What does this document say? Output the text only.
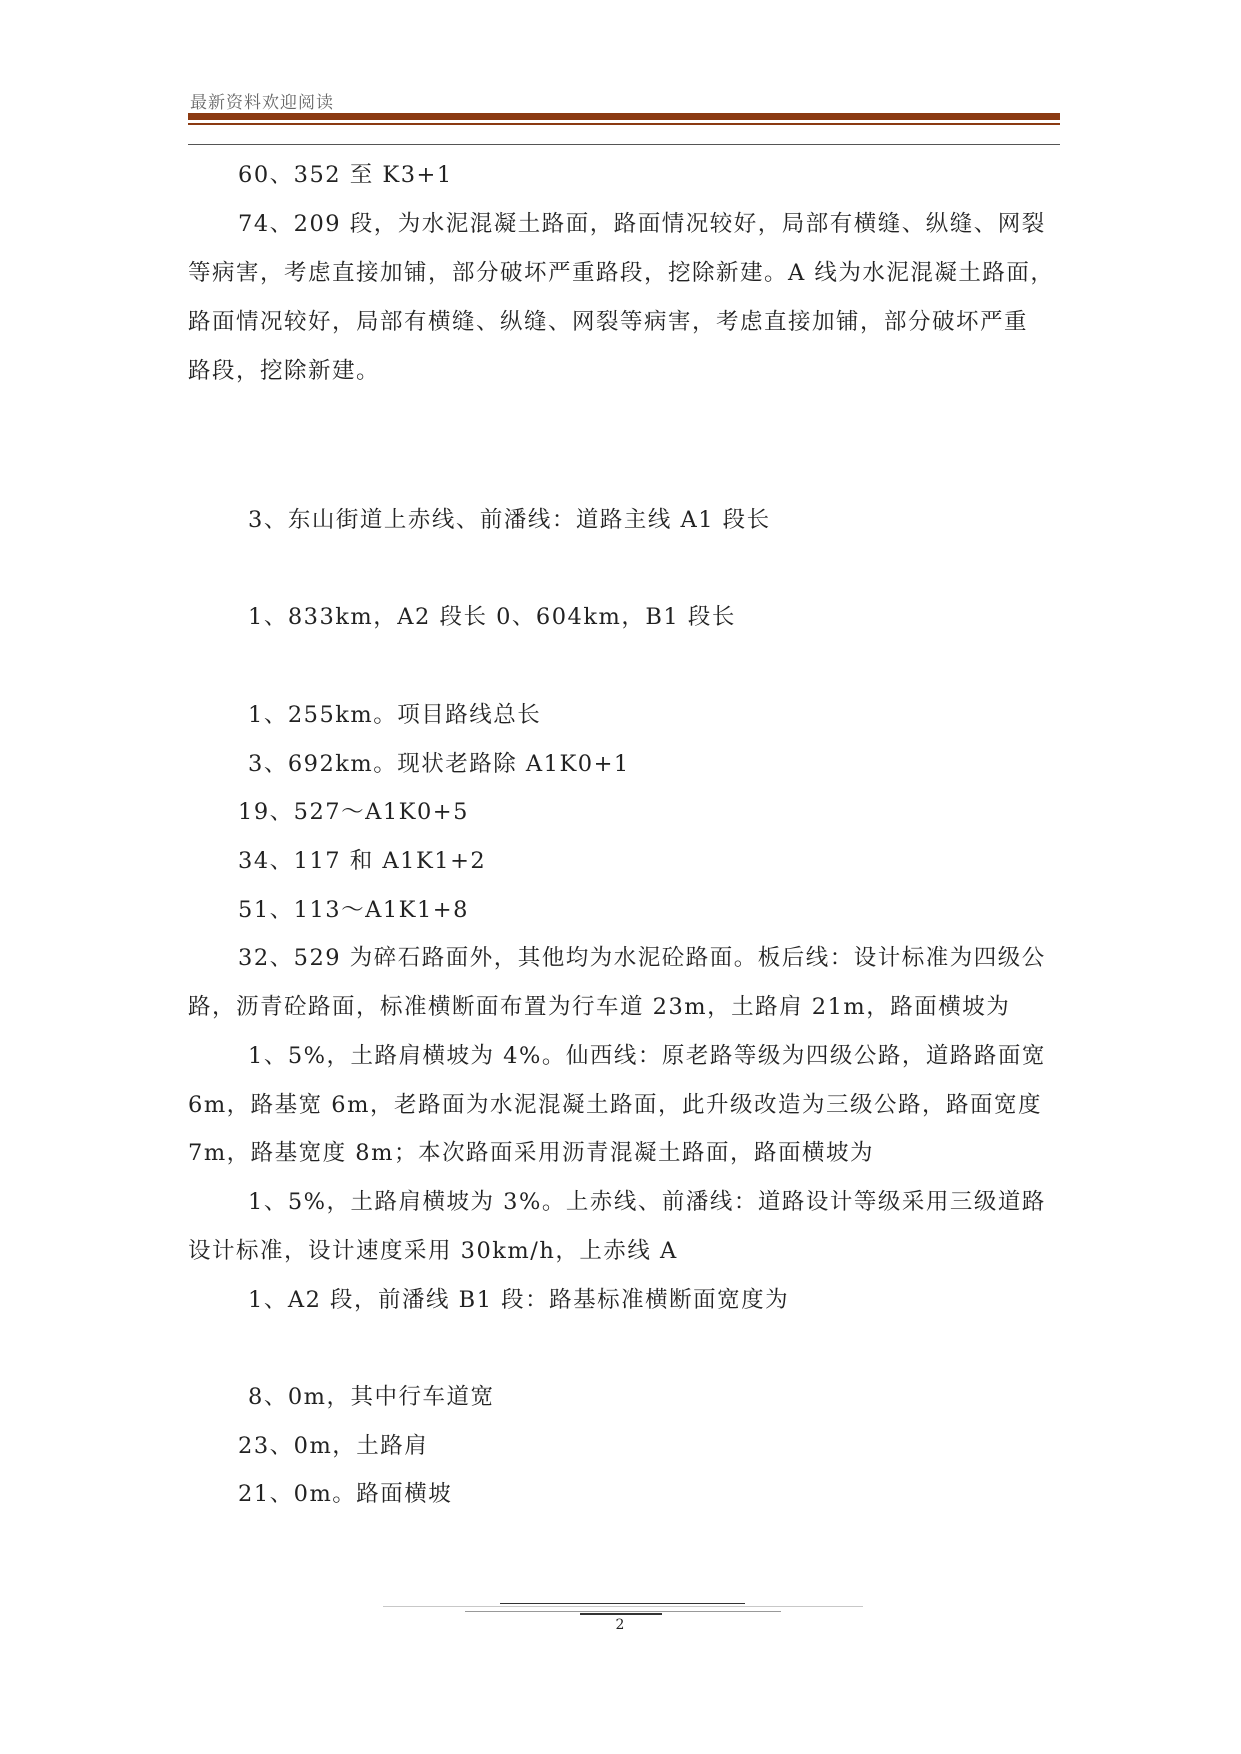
最新资料欢迎阅读

60、352 至 K3+1

74、209 段，为水泥混凝土路面，路面情况较好，局部有横缝、纵缝、网裂

等病害，考虑直接加铺，部分破坏严重路段，挖除新建。A 线为水泥混凝土路面，

路面情况较好，局部有横缝、纵缝、网裂等病害，考虑直接加铺，部分破坏严重

路段，挖除新建。

3、东山街道上赤线、前潘线：道路主线 A1 段长

1、833km，A2 段长 0、604km，B1 段长

1、255km。项目路线总长

3、692km。现状老路除 A1K0+1

19、527～A1K0+5

34、117 和 A1K1+2

51、113～A1K1+8

32、529 为碎石路面外，其他均为水泥砼路面。板后线：设计标准为四级公

路，沥青砼路面，标准横断面布置为行车道 23m，土路肩 21m，路面横坡为

1、5%，土路肩横坡为 4%。仙西线：原老路等级为四级公路，道路路面宽

6m，路基宽 6m，老路面为水泥混凝土路面，此升级改造为三级公路，路面宽度

7m，路基宽度 8m；本次路面采用沥青混凝土路面，路面横坡为

1、5%，土路肩横坡为 3%。上赤线、前潘线：道路设计等级采用三级道路

设计标准，设计速度采用 30km/h，上赤线 A

1、A2 段，前潘线 B1 段：路基标准横断面宽度为

8、0m，其中行车道宽

23、0m，土路肩

21、0m。路面横坡

2
